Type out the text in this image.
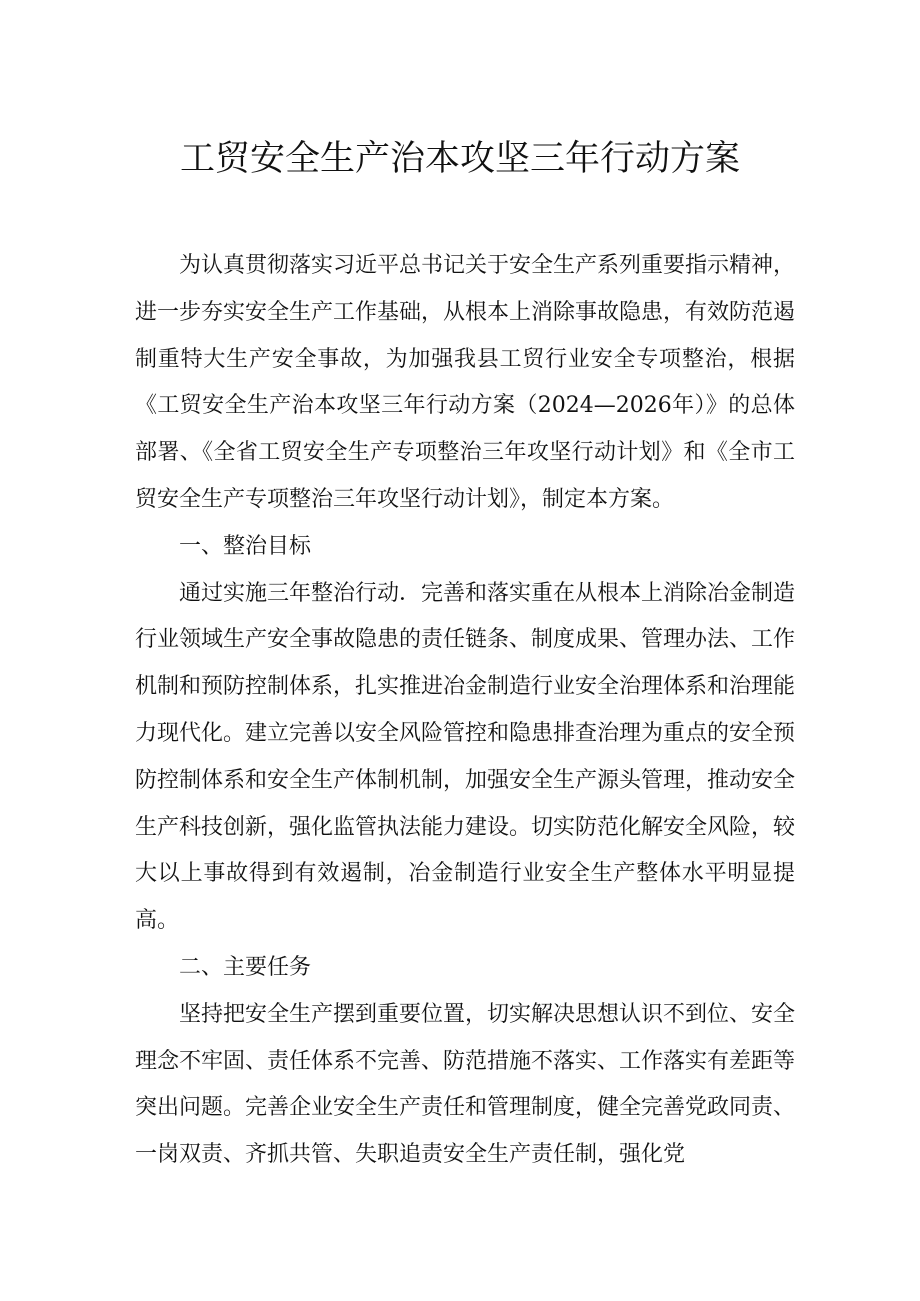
工贸安全生产治本攻坚三年行动方案

为认真贯彻落实习近平总书记关于安全生产系列重要指示精神，进一步夯实安全生产工作基础，从根本上消除事故隐患，有效防范遏制重特大生产安全事故，为加强我县工贸行业安全专项整治，根据《工贸安全生产治本攻坚三年行动方案（2024—2026年）》的总体部署、《全省工贸安全生产专项整治三年攻坚行动计划》和《全市工贸安全生产专项整治三年攻坚行动计划》，制定本方案。

一、整治目标

通过实施三年整治行动．完善和落实重在从根本上消除冶金制造行业领域生产安全事故隐患的责任链条、制度成果、管理办法、工作机制和预防控制体系，扎实推进冶金制造行业安全治理体系和治理能力现代化。建立完善以安全风险管控和隐患排查治理为重点的安全预防控制体系和安全生产体制机制，加强安全生产源头管理，推动安全生产科技创新，强化监管执法能力建设。切实防范化解安全风险，较大以上事故得到有效遏制，冶金制造行业安全生产整体水平明显提高。

二、主要任务

坚持把安全生产摆到重要位置，切实解决思想认识不到位、安全理念不牢固、责任体系不完善、防范措施不落实、工作落实有差距等突出问题。完善企业安全生产责任和管理制度，健全完善党政同责、一岗双责、齐抓共管、失职追责安全生产责任制，强化党
